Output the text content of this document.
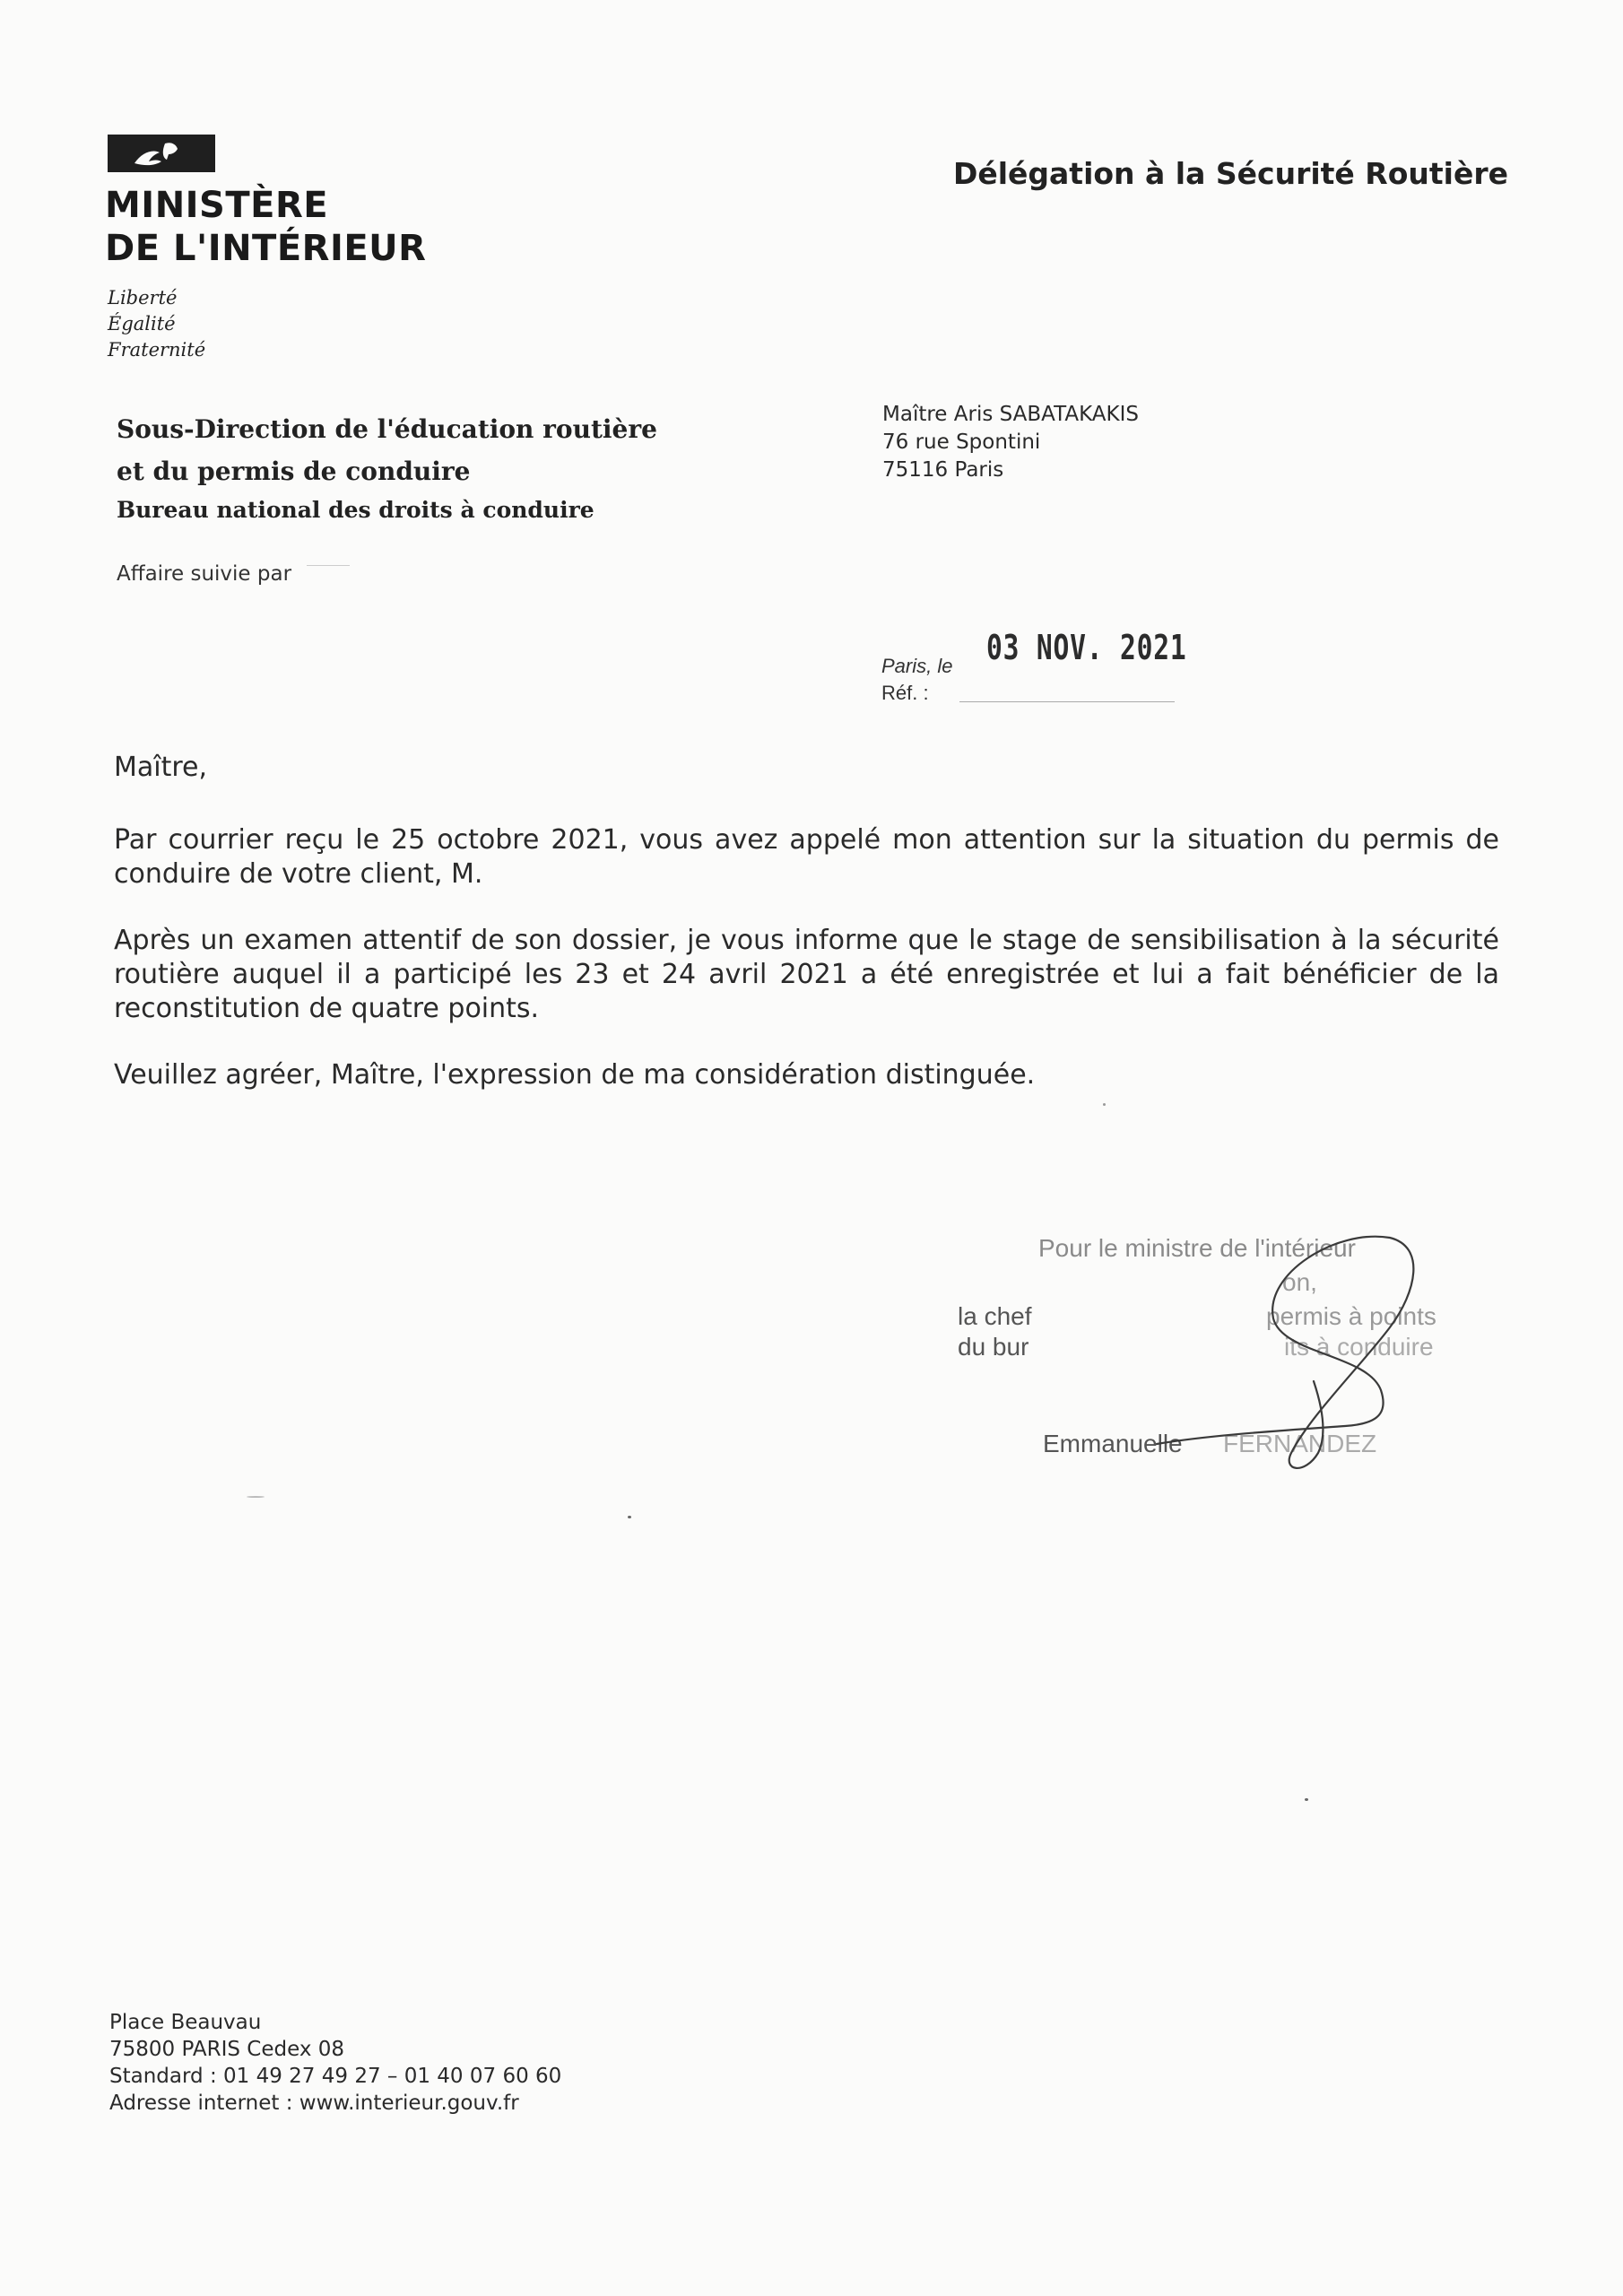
MINISTÈRE
DE L'INTÉRIEUR
Liberté
Égalité
Fraternité
Délégation à la Sécurité Routière
Sous-Direction de l'éducation routière
et du permis de conduire
Bureau national des droits à conduire
Maître Aris SABATAKAKIS
76 rue Spontini
75116 Paris
Affaire suivie par
Paris, le 03 NOV. 2021
Réf. :
Maître,
Par courrier reçu le 25 octobre 2021, vous avez appelé mon attention sur la situation du permis de conduire de votre client, M.
Après un examen attentif de son dossier, je vous informe que le stage de sensibilisation à la sécurité routière auquel il a participé les 23 et 24 avril 2021 a été enregistrée et lui a fait bénéficier de la reconstitution de quatre points.
Veuillez agréer, Maître, l'expression de ma considération distinguée.
Pour le ministre de l'intérieur
on,
la chef	permis à points
du bur	its à conduire
Emmanuelle FERNANDEZ
Place Beauvau
75800 PARIS Cedex 08
Standard : 01 49 27 49 27 – 01 40 07 60 60
Adresse internet : www.interieur.gouv.fr
